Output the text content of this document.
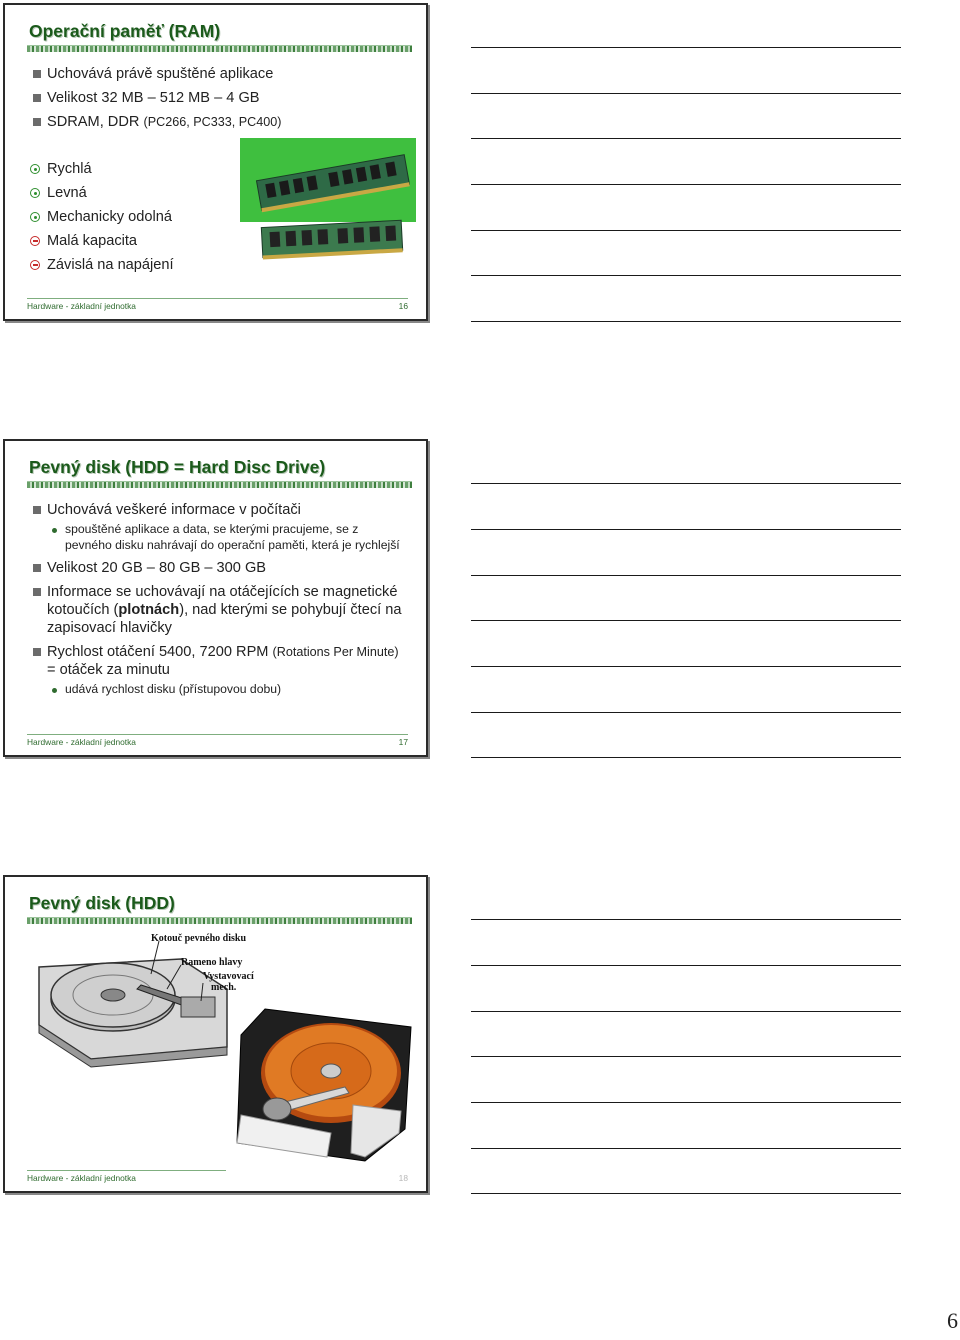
Operační paměť (RAM)
Uchovává právě spuštěné aplikace
Velikost 32 MB – 512 MB – 4 GB
SDRAM, DDR (PC266, PC333, PC400)
Rychlá
Levná
Mechanicky odolná
Malá kapacita
Závislá na napájení
Hardware - základní jednotka	16
Pevný disk (HDD = Hard Disc Drive)
Uchovává veškeré informace v počítači
spouštěné aplikace a data, se kterými pracujeme, se z pevného disku nahrávají do operační paměti, která je rychlejší
Velikost 20 GB – 80 GB – 300 GB
Informace se uchovávají na otáčejících se magnetické kotoučích (plotnách), nad kterými se pohybují čtecí na zapisovací hlavičky
Rychlost otáčení 5400, 7200 RPM (Rotations Per Minute) = otáček za minutu
udává rychlost disku (přístupovou dobu)
Hardware - základní jednotka	17
Pevný disk (HDD)
Kotouč pevného disku
Rameno hlavy
Vystavovací
mech.
Hardware - základní jednotka	18
6
